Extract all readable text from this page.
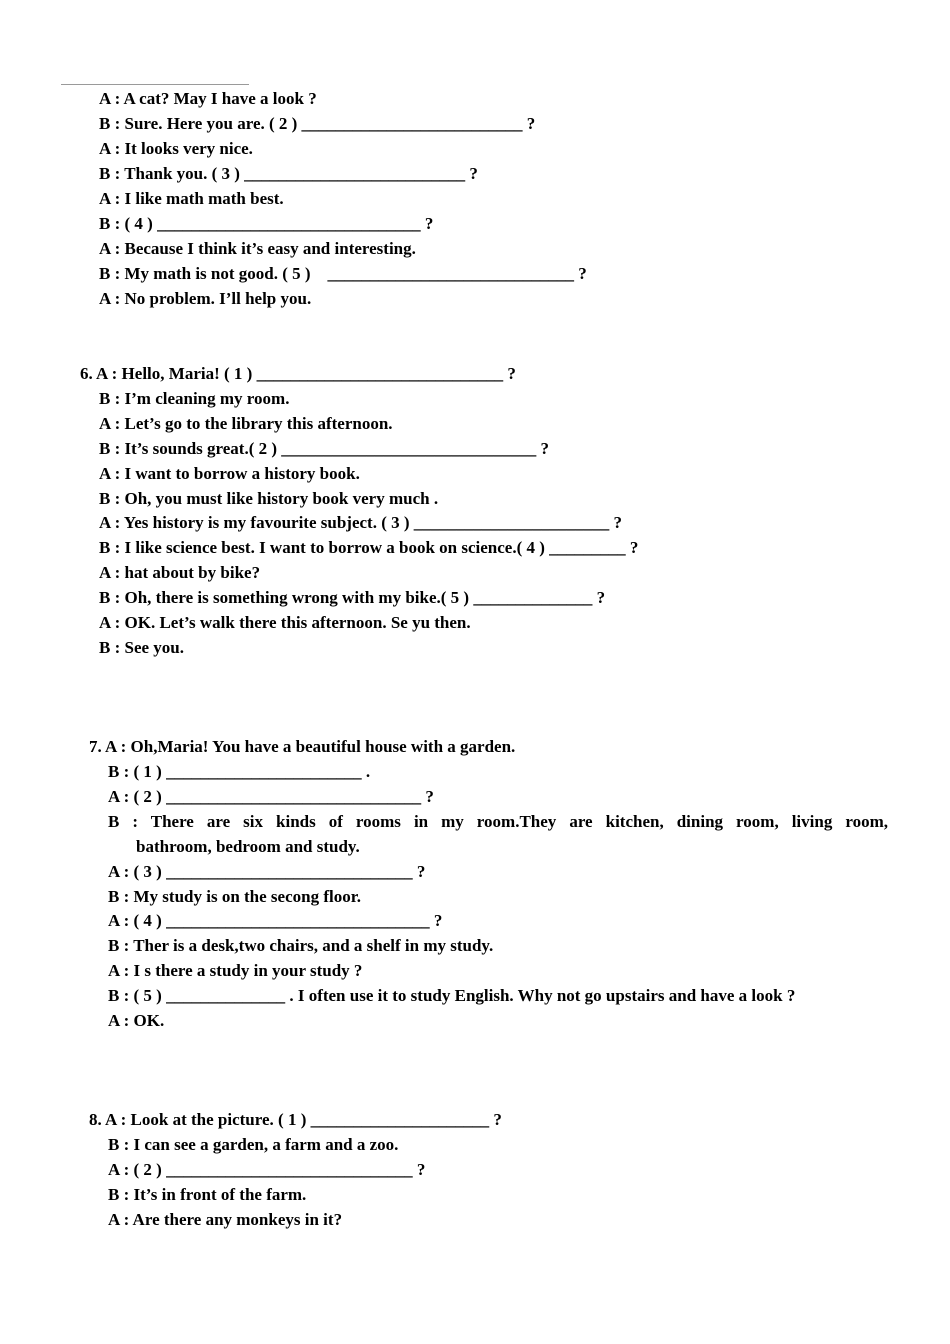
A : A cat? May I have a look ?
B : Sure. Here you are. ( 2 ) __________________________ ?
A : It looks very nice.
B : Thank you. ( 3 ) __________________________ ?
A : I like math math best.
B : ( 4 ) _______________________________ ?
A : Because I think it’s easy and interesting.
B : My math is not good. ( 5 )    _____________________________ ?
A : No problem. I’ll help you.
6. A : Hello, Maria! ( 1 ) _____________________________ ?
B : I’m cleaning my room.
A : Let’s go to the library this afternoon.
B : It’s sounds great.( 2 ) ______________________________ ?
A : I want to borrow a history book.
B : Oh, you must like history book very much .
A : Yes history is my favourite subject. ( 3 ) _______________________ ?
B : I like science best. I want to borrow a book on science.( 4 ) _________ ?
A : hat about by bike?
B : Oh, there is something wrong with my bike.( 5 ) ______________ ?
A : OK. Let’s walk there this afternoon. Se yu then.
B : See you.
7. A : Oh,Maria! You have a beautiful house with a garden.
B : ( 1 ) _______________________ .
A : ( 2 ) ______________________________ ?
B : There are six kinds of rooms in my room.They are kitchen, dining room, living room,
bathroom, bedroom and study.
A : ( 3 ) _____________________________ ?
B : My study is on the secong floor.
A : ( 4 ) _______________________________ ?
B : Ther is a desk,two chairs, and a shelf in my study.
A : I s there a study in your study ?
B : ( 5 ) ______________ . I often use it to study English. Why not go upstairs and have a look ?
A : OK.
8. A : Look at the picture. ( 1 ) _____________________ ?
B : I can see a garden, a farm and a zoo.
A : ( 2 ) _____________________________ ?
B : It’s in front of the farm.
A : Are there any monkeys in it?
